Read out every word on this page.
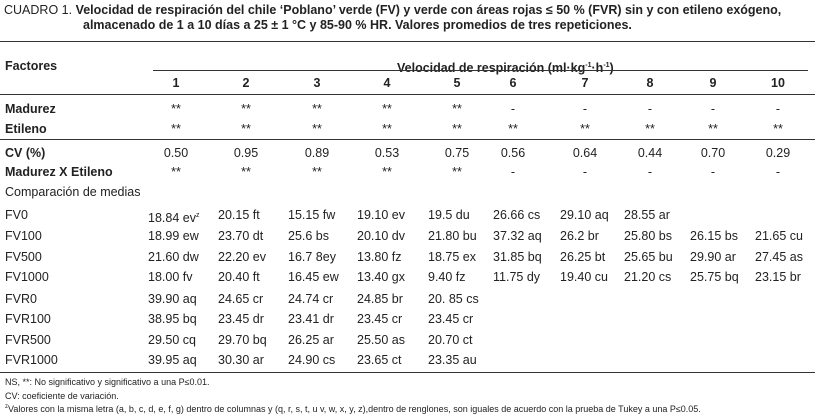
CUADRO 1. Velocidad de respiración del chile ‘Poblano’ verde (FV) y verde con áreas rojas ≤ 50 % (FVR) sin y con etileno exógeno,
almacenado de 1 a 10 días a 25 ± 1 °C y 85-90 % HR. Valores promedios de tres repeticiones.
Factores	Velocidad de respiración $(ml\cdot kg^{-1}\cdot h^{-1})$
1	2	3	4	5	6	7	8	9	10
Madurez	**	**	**	**	**	-	-	-	-	-
Etileno	**	**	**	**	**	**	**	**	**	**
CV (%)	0.50	0.95	0.89	0.53	0.75	0.56	0.64	0.44	0.70	0.29
Madurez X Etileno	**	**	**	**	**	-	-	-	-	-
Comparación de medias
FV0	18.84 $ev^z$ 20.15 ft 15.15 fw 19.10 ev 19.5 du 26.66 cs 29.10 aq 28.55 ar
FV100	18.99 ew 23.70 dt 25.6 bs 20.10 dv 21.80 bu 37.32 aq 26.2 br 25.80 bs 26.15 bs 21.65 cu
FV500	21.60 dw 22.20 ev 16.7 8ey 13.80 fz 18.75 ex 31.85 bq 26.25 bt 25.65 bu 29.90 ar 27.45 as
FV1000	18.00 fv 20.40 ft 16.45 ew 13.40 gx 9.40 fz 11.75 dy 19.40 cu 21.20 cs 25.75 bq 23.15 br
FVR0	39.90 aq 24.65 cr 24.74 cr 24.85 br 20. 85 cs
FVR100	38.95 bq 23.45 dr 23.41 dr 23.45 cr 23.45 cr
FVR500	29.50 cq 29.70 bq 26.25 ar 25.50 as 20.70 ct
FVR1000	39.95 aq 30.30 ar 24.90 cs 23.65 ct 23.35 au
NS, **: No significativo y significativo a una P≤0.01.
CV: coeficiente de variación.
$^z$Valores con la misma letra (a, b, c, d, e, f, g) dentro de columnas y (q, r, s, t, u v, w, x, y, z),dentro de renglones, son iguales de acuerdo con la prueba de Tukey a una P≤0.05.
